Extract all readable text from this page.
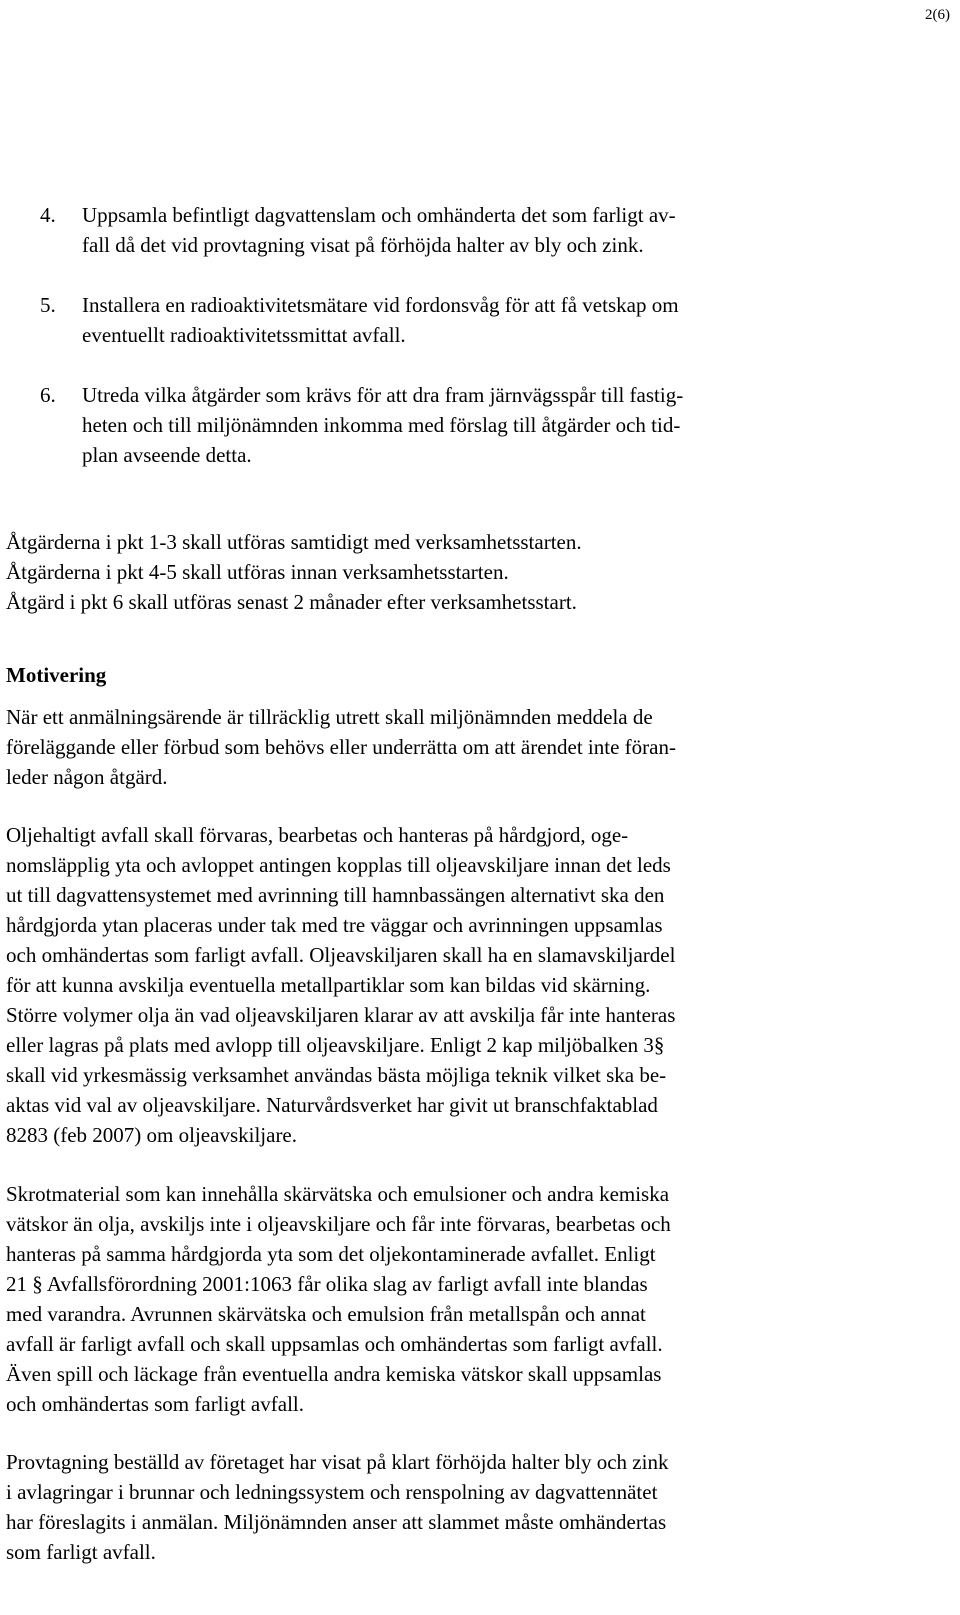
2(6)
4. Uppsamla befintligt dagvattenslam och omhänderta det som farligt av-
fall då det vid provtagning visat på förhöjda halter av bly och zink.
5. Installera en radioaktivitetsmätare vid fordonsvåg för att få vetskap om
eventuellt radioaktivitetssmittat avfall.
6. Utreda vilka åtgärder som krävs för att dra fram järnvägsspår till fastig-
heten och till miljönämnden inkomma med förslag till åtgärder och tid-
plan avseende detta.
Åtgärderna i pkt 1-3 skall utföras samtidigt med verksamhetsstarten.
Åtgärderna i pkt 4-5 skall utföras innan verksamhetsstarten.
Åtgärd i pkt 6 skall utföras senast 2 månader efter verksamhetsstart.
Motivering
När ett anmälningsärende är tillräcklig utrett skall miljönämnden meddela de
föreläggande eller förbud som behövs eller underrätta om att ärendet inte föran-
leder någon åtgärd.
Oljehaltigt avfall skall förvaras, bearbetas och hanteras på hårdgjord, oge-
nomsläpplig yta och avloppet antingen kopplas till oljeavskiljare innan det leds
ut till dagvattensystemet med avrinning till hamnbassängen alternativt ska den
hårdgjorda ytan placeras under tak med tre väggar och avrinningen uppsamlas
och omhändertas som farligt avfall. Oljeavskiljaren skall ha en slamavskiljardel
för att kunna avskilja eventuella metallpartiklar som kan bildas vid skärning.
Större volymer olja än vad oljeavskiljaren klarar av att avskilja får inte hanteras
eller lagras på plats med avlopp till oljeavskiljare. Enligt 2 kap miljöbalken 3§
skall vid yrkesmässig verksamhet användas bästa möjliga teknik vilket ska be-
aktas vid val av oljeavskiljare. Naturvårdsverket har givit ut branschfaktablad
8283 (feb 2007) om oljeavskiljare.
Skrotmaterial som kan innehålla skärvätska och emulsioner och andra kemiska
vätskor än olja, avskiljs inte i oljeavskiljare och får inte förvaras, bearbetas och
hanteras på samma hårdgjorda yta som det oljekontaminerade avfallet. Enligt
21 § Avfallsförordning 2001:1063 får olika slag av farligt avfall inte blandas
med varandra. Avrunnen skärvätska och emulsion från metallspån och annat
avfall är farligt avfall och skall uppsamlas och omhändertas som farligt avfall.
Även spill och läckage från eventuella andra kemiska vätskor skall uppsamlas
och omhändertas som farligt avfall.
Provtagning beställd av företaget har visat på klart förhöjda halter bly och zink
i avlagringar i brunnar och ledningssystem och renspolning av dagvattennätet
har föreslagits i anmälan. Miljönämnden anser att slammet måste omhändertas
som farligt avfall.
